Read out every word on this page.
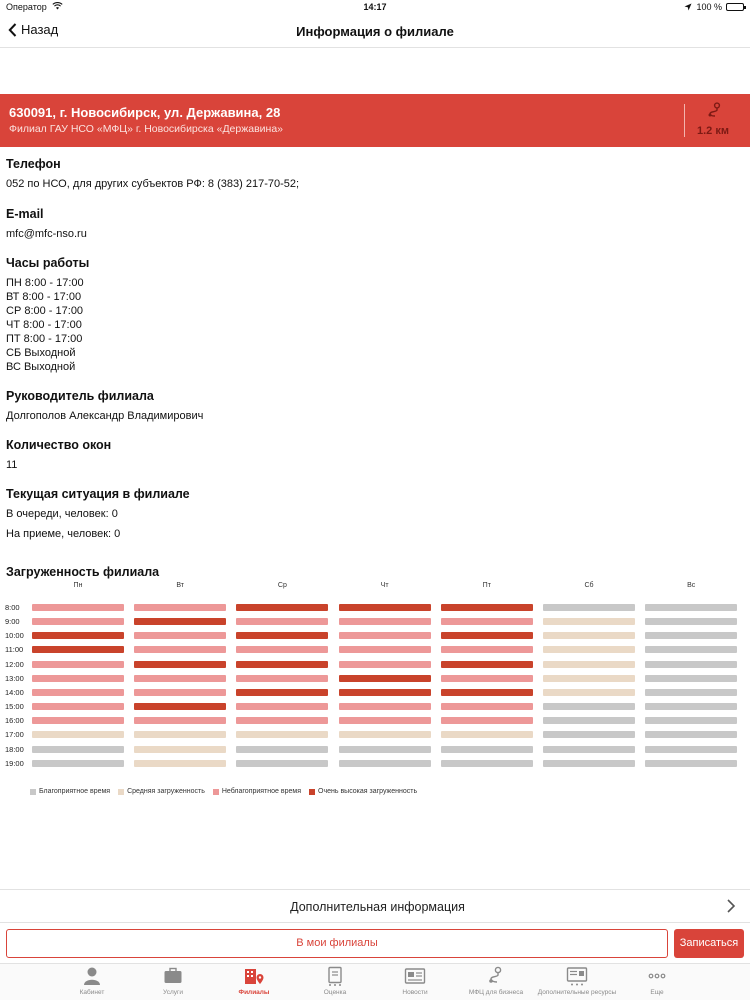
Оператор	14:17	100 %
Назад	Информация о филиале
630091, г. Новосибирск, ул. Державина, 28
Филиал ГАУ НСО «МФЦ» г. Новосибирска «Державина»	1.2 км
Телефон
052 по НСО, для других субъектов РФ: 8 (383) 217-70-52;
E-mail
mfc@mfc-nso.ru
Часы работы
ПН 8:00 - 17:00
ВТ 8:00 - 17:00
СР 8:00 - 17:00
ЧТ 8:00 - 17:00
ПТ 8:00 - 17:00
СБ Выходной
ВС Выходной
Руководитель филиала
Долгополов Александр Владимирович
Количество окон
11
Текущая ситуация в филиале
В очереди, человек: 0
На приеме, человек: 0
Загруженность филиала
Пн	Вт	Ср	Чт	Пт	Сб	Вс
8:00
9:00
10:00
11:00
12:00
13:00
14:00
15:00
16:00
17:00
18:00
19:00
Благоприятное время Средняя загруженность Неблагоприятное время Очень высокая загруженность
Дополнительная информация
В мои филиалы	Записаться
Кабинет	Услуги	Филиалы	Оценка	Новости	МФЦ для бизнеса	Дополнительные ресурсы	Еще
